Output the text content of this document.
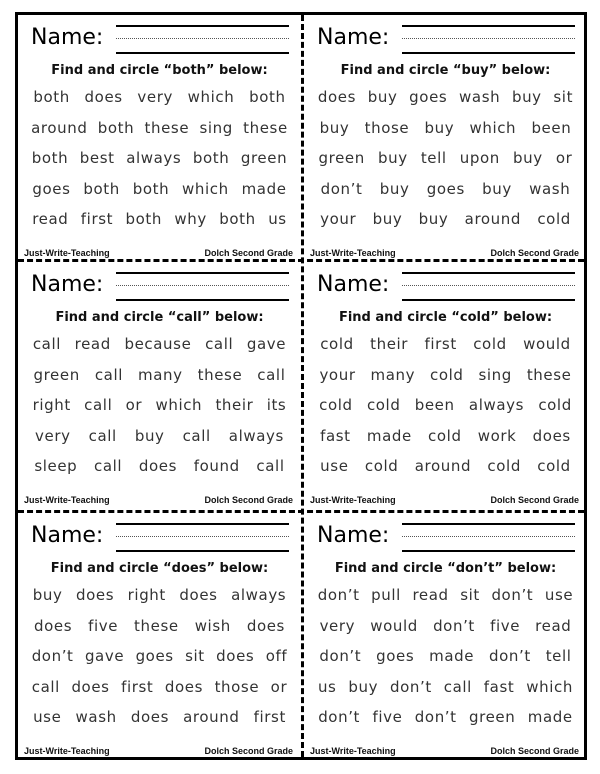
Name:
Find and circle “both” below:
both does very which both
around both these sing these
both best always both green
goes both both which made
read first both why both us
Just-Write-Teaching	Dolch Second Grade
Name:
Find and circle “buy” below:
does buy goes wash buy sit
buy those buy which been
green buy tell upon buy or
don’t buy goes buy wash
your buy buy around cold
Just-Write-Teaching	Dolch Second Grade
Name:
Find and circle “call” below:
call read because call gave
green call many these call
right call or which their its
very call buy call always
sleep call does found call
Just-Write-Teaching	Dolch Second Grade
Name:
Find and circle “cold” below:
cold their first cold would
your many cold sing these
cold cold been always cold
fast made cold work does
use cold around cold cold
Just-Write-Teaching	Dolch Second Grade
Name:
Find and circle “does” below:
buy does right does always
does five these wish does
don’t gave goes sit does off
call does first does those or
use wash does around first
Just-Write-Teaching	Dolch Second Grade
Name:
Find and circle “don’t” below:
don’t pull read sit don’t use
very would don’t five read
don’t goes made don’t tell
us buy don’t call fast which
don’t five don’t green made
Just-Write-Teaching	Dolch Second Grade
